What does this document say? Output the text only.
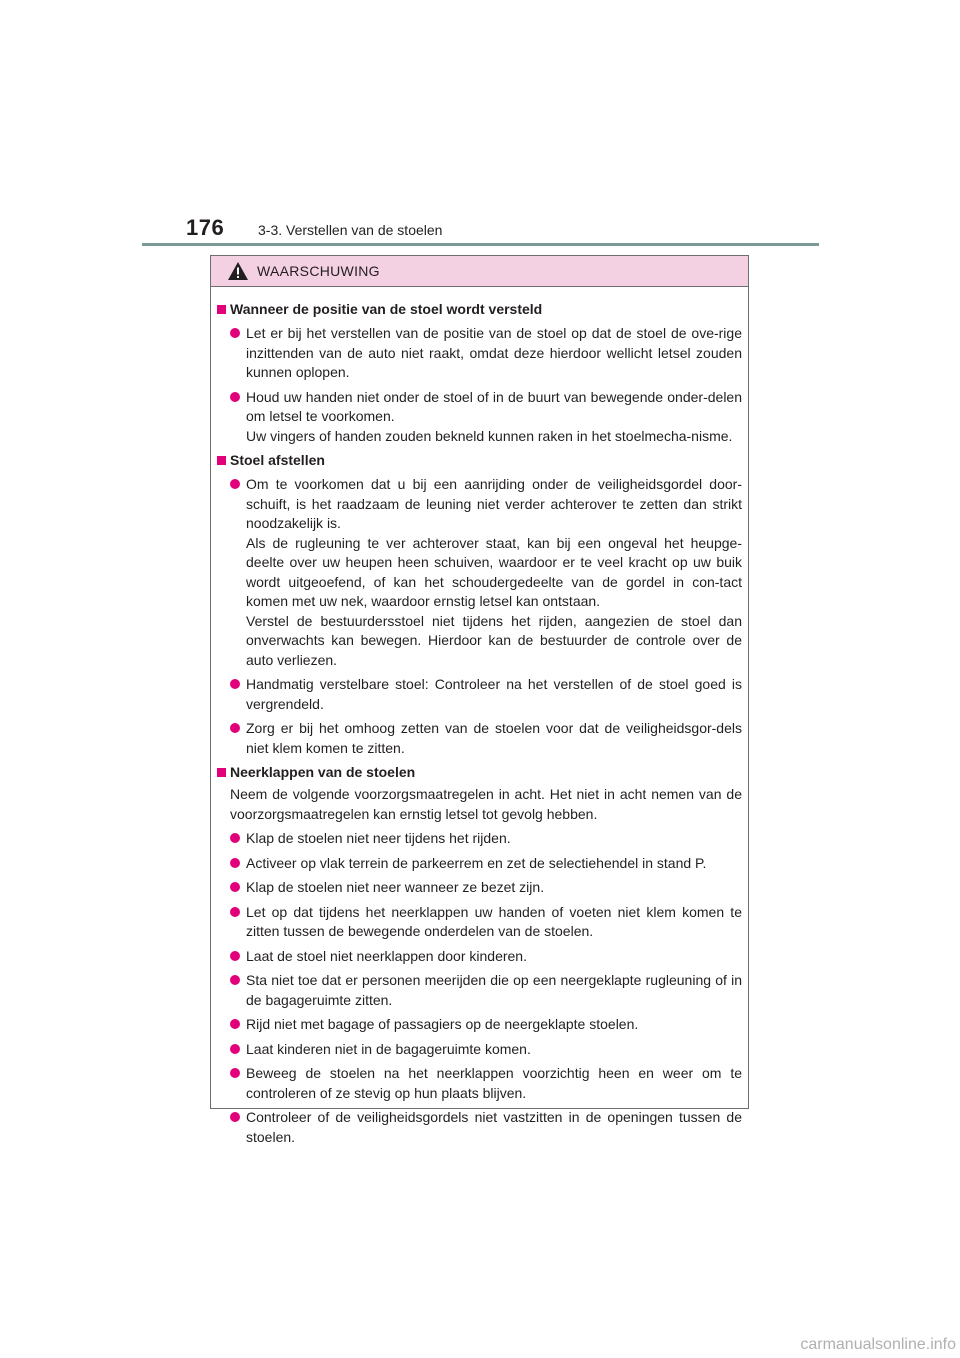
176 3-3. Verstellen van de stoelen
WAARSCHUWING
Wanneer de positie van de stoel wordt versteld
Let er bij het verstellen van de positie van de stoel op dat de stoel de ove-rige inzittenden van de auto niet raakt, omdat deze hierdoor wellicht letsel zouden kunnen oplopen.
Houd uw handen niet onder de stoel of in de buurt van bewegende onder-delen om letsel te voorkomen.
Uw vingers of handen zouden bekneld kunnen raken in het stoelmecha-nisme.
Stoel afstellen
Om te voorkomen dat u bij een aanrijding onder de veiligheidsgordel door-schuift, is het raadzaam de leuning niet verder achterover te zetten dan strikt noodzakelijk is.
Als de rugleuning te ver achterover staat, kan bij een ongeval het heupge-deelte over uw heupen heen schuiven, waardoor er te veel kracht op uw buik wordt uitgeoefend, of kan het schoudergedeelte van de gordel in con-tact komen met uw nek, waardoor ernstig letsel kan ontstaan.
Verstel de bestuurdersstoel niet tijdens het rijden, aangezien de stoel dan onverwachts kan bewegen. Hierdoor kan de bestuurder de controle over de auto verliezen.
Handmatig verstelbare stoel: Controleer na het verstellen of de stoel goed is vergrendeld.
Zorg er bij het omhoog zetten van de stoelen voor dat de veiligheidsgor-dels niet klem komen te zitten.
Neerklappen van de stoelen
Neem de volgende voorzorgsmaatregelen in acht. Het niet in acht nemen van de voorzorgsmaatregelen kan ernstig letsel tot gevolg hebben.
Klap de stoelen niet neer tijdens het rijden.
Activeer op vlak terrein de parkeerrem en zet de selectiehendel in stand P.
Klap de stoelen niet neer wanneer ze bezet zijn.
Let op dat tijdens het neerklappen uw handen of voeten niet klem komen te zitten tussen de bewegende onderdelen van de stoelen.
Laat de stoel niet neerklappen door kinderen.
Sta niet toe dat er personen meerijden die op een neergeklapte rugleuning of in de bagageruimte zitten.
Rijd niet met bagage of passagiers op de neergeklapte stoelen.
Laat kinderen niet in de bagageruimte komen.
Beweeg de stoelen na het neerklappen voorzichtig heen en weer om te controleren of ze stevig op hun plaats blijven.
Controleer of de veiligheidsgordels niet vastzitten in de openingen tussen de stoelen.
carmanualsonline.info
